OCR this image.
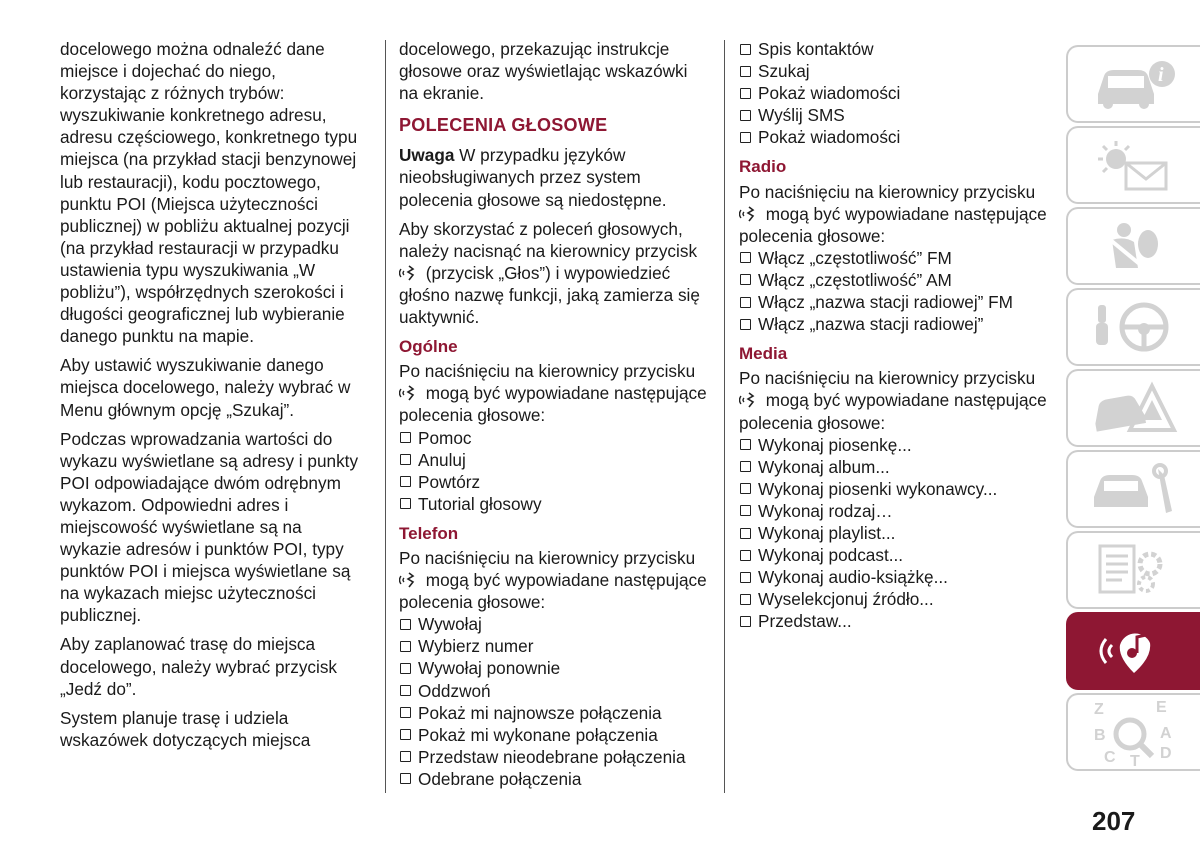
docelowego można odnaleźć dane miejsce i dojechać do niego, korzystając z różnych trybów: wyszukiwanie konkretnego adresu, adresu częściowego, konkretnego typu miejsca (na przykład stacji benzynowej lub restauracji), kodu pocztowego, punktu POI (Miejsca użyteczności publicznej) w pobliżu aktualnej pozycji (na przykład restauracji w przypadku ustawienia typu wyszukiwania „W pobliżu”), współrzędnych szerokości i długości geograficznej lub wybieranie danego punktu na mapie.

Aby ustawić wyszukiwanie danego miejsca docelowego, należy wybrać w Menu głównym opcję „Szukaj”.

Podczas wprowadzania wartości do wykazu wyświetlane są adresy i punkty POI odpowiadające dwóm odrębnym wykazom. Odpowiedni adres i miejscowość wyświetlane są na wykazie adresów i punktów POI, typy punktów POI i miejsca wyświetlane są na wykazach miejsc użyteczności publicznej.

Aby zaplanować trasę do miejsca docelowego, należy wybrać przycisk „Jedź do”.

System planuje trasę i udziela wskazówek dotyczących miejsca

docelowego, przekazując instrukcje głosowe oraz wyświetlając wskazówki na ekranie.

POLECENIA GŁOSOWE

Uwaga W przypadku języków nieobsługiwanych przez system polecenia głosowe są niedostępne.

Aby skorzystać z poleceń głosowych, należy nacisnąć na kierownicy przycisk  (przycisk „Głos”) i wypowiedzieć głośno nazwę funkcji, jaką zamierza się uaktywnić.

Ogólne
Po naciśnięciu na kierownicy przycisku  mogą być wypowiadane następujące polecenia głosowe:
Pomoc
Anuluj
Powtórz
Tutorial głosowy
Telefon
Po naciśnięciu na kierownicy przycisku  mogą być wypowiadane następujące polecenia głosowe:
Wywołaj
Wybierz numer
Wywołaj ponownie
Oddzwoń
Pokaż mi najnowsze połączenia
Pokaż mi wykonane połączenia
Przedstaw nieodebrane połączenia
Odebrane połączenia
Spis kontaktów
Szukaj
Pokaż wiadomości
Wyślij SMS
Pokaż wiadomości
Radio
Po naciśnięciu na kierownicy przycisku  mogą być wypowiadane następujące polecenia głosowe:
Włącz „częstotliwość” FM
Włącz „częstotliwość” AM
Włącz „nazwa stacji radiowej” FM
Włącz „nazwa stacji radiowej”
Media
Po naciśnięciu na kierownicy przycisku  mogą być wypowiadane następujące polecenia głosowe:
Wykonaj piosenkę...
Wykonaj album...
Wykonaj piosenki wykonawcy...
Wykonaj rodzaj…
Wykonaj playlist...
Wykonaj podcast...
Wykonaj audio-książkę...
Wyselekcjonuj źródło...
Przedstaw...
i
Z	E
B	A
C T D
207
